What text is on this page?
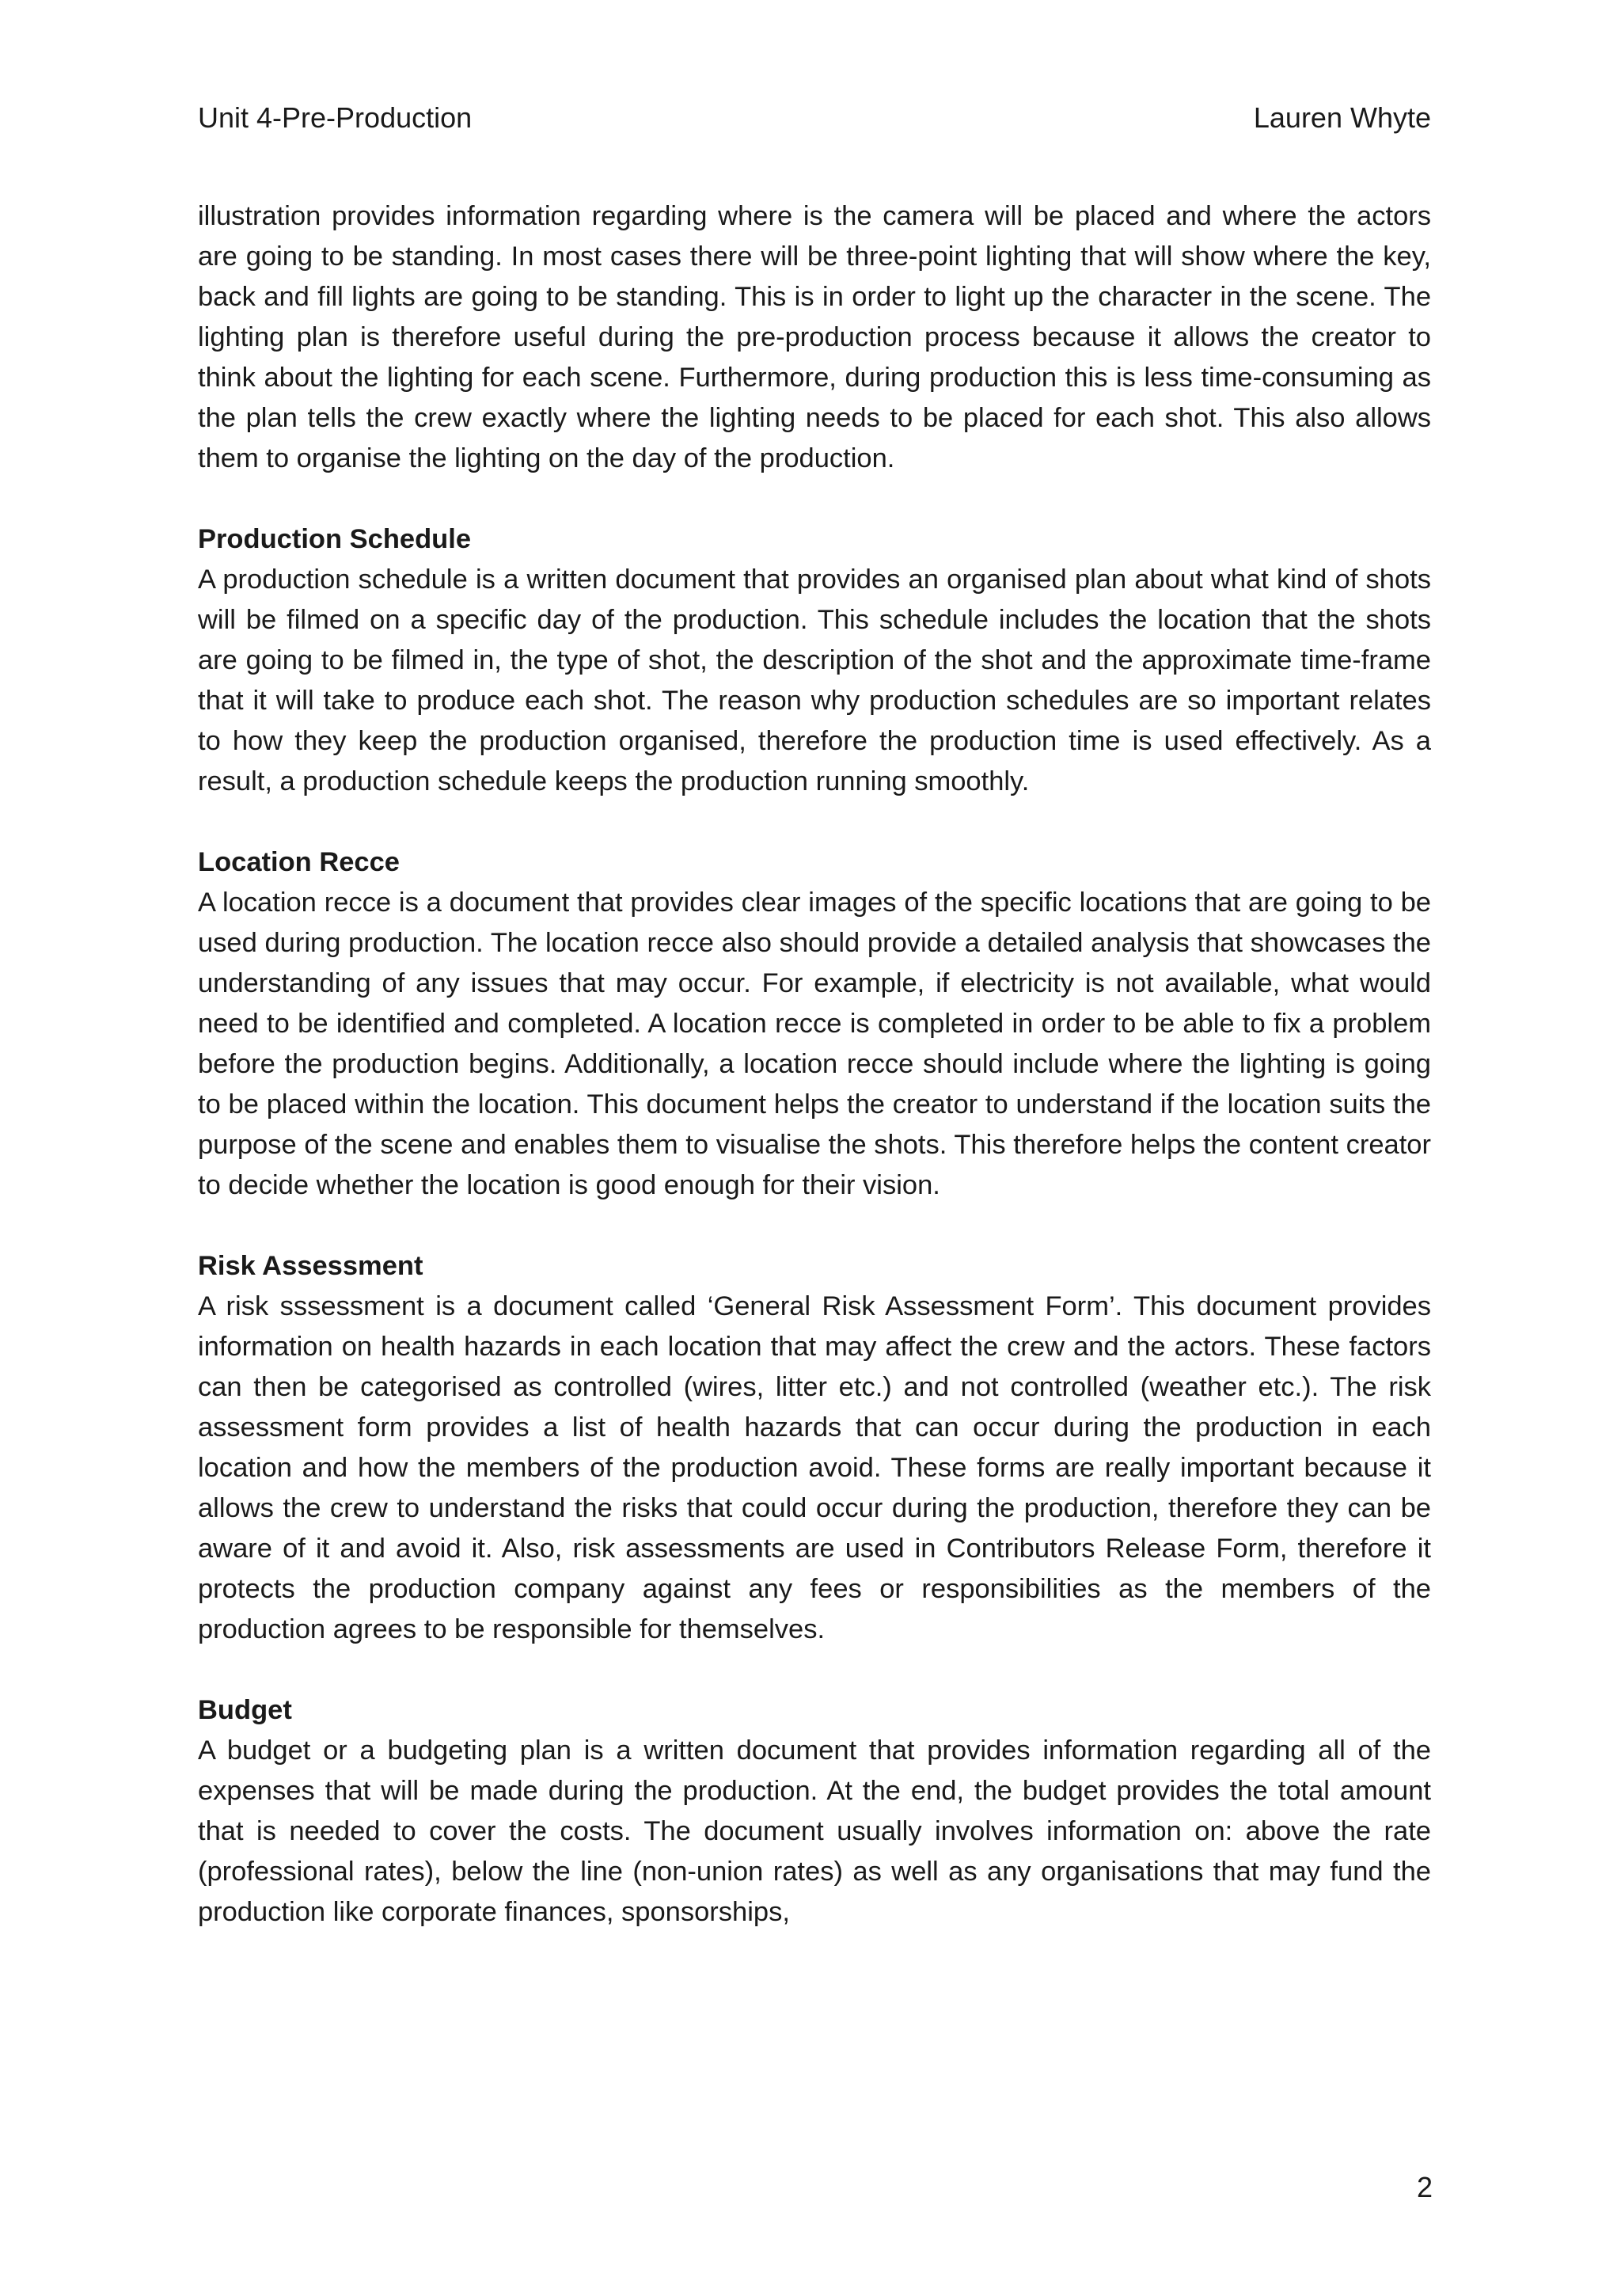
Unit 4-Pre-Production	Lauren Whyte

illustration provides information regarding where is the camera will be placed and where the actors are going to be standing. In most cases there will be three-point lighting that will show where the key, back and fill lights are going to be standing. This is in order to light up the character in the scene. The lighting plan is therefore useful during the pre-production process because it allows the creator to think about the lighting for each scene. Furthermore, during production this is less time-consuming as the plan tells the crew exactly where the lighting needs to be placed for each shot. This also allows them to organise the lighting on the day of the production.

Production Schedule

A production schedule is a written document that provides an organised plan about what kind of shots will be filmed on a specific day of the production. This schedule includes the location that the shots are going to be filmed in, the type of shot, the description of the shot and the approximate time-frame that it will take to produce each shot. The reason why production schedules are so important relates to how they keep the production organised, therefore the production time is used effectively. As a result, a production schedule keeps the production running smoothly.

Location Recce

A location recce is a document that provides clear images of the specific locations that are going to be used during production. The location recce also should provide a detailed analysis that showcases the understanding of any issues that may occur. For example, if electricity is not available, what would need to be identified and completed. A location recce is completed in order to be able to fix a problem before the production begins. Additionally, a location recce should include where the lighting is going to be placed within the location. This document helps the creator to understand if the location suits the purpose of the scene and enables them to visualise the shots. This therefore helps the content creator to decide whether the location is good enough for their vision.

Risk Assessment

A risk sssessment is a document called ‘General Risk Assessment Form’. This document provides information on health hazards in each location that may affect the crew and the actors. These factors can then be categorised as controlled (wires, litter etc.) and not controlled (weather etc.). The risk assessment form provides a list of health hazards that can occur during the production in each location and how the members of the production avoid. These forms are really important because it allows the crew to understand the risks that could occur during the production, therefore they can be aware of it and avoid it. Also, risk assessments are used in Contributors Release Form, therefore it protects the production company against any fees or responsibilities as the members of the production agrees to be responsible for themselves.

Budget

A budget or a budgeting plan is a written document that provides information regarding all of the expenses that will be made during the production. At the end, the budget provides the total amount that is needed to cover the costs. The document usually involves information on: above the rate (professional rates), below the line (non-union rates) as well as any organisations that may fund the production like corporate finances, sponsorships,

2
